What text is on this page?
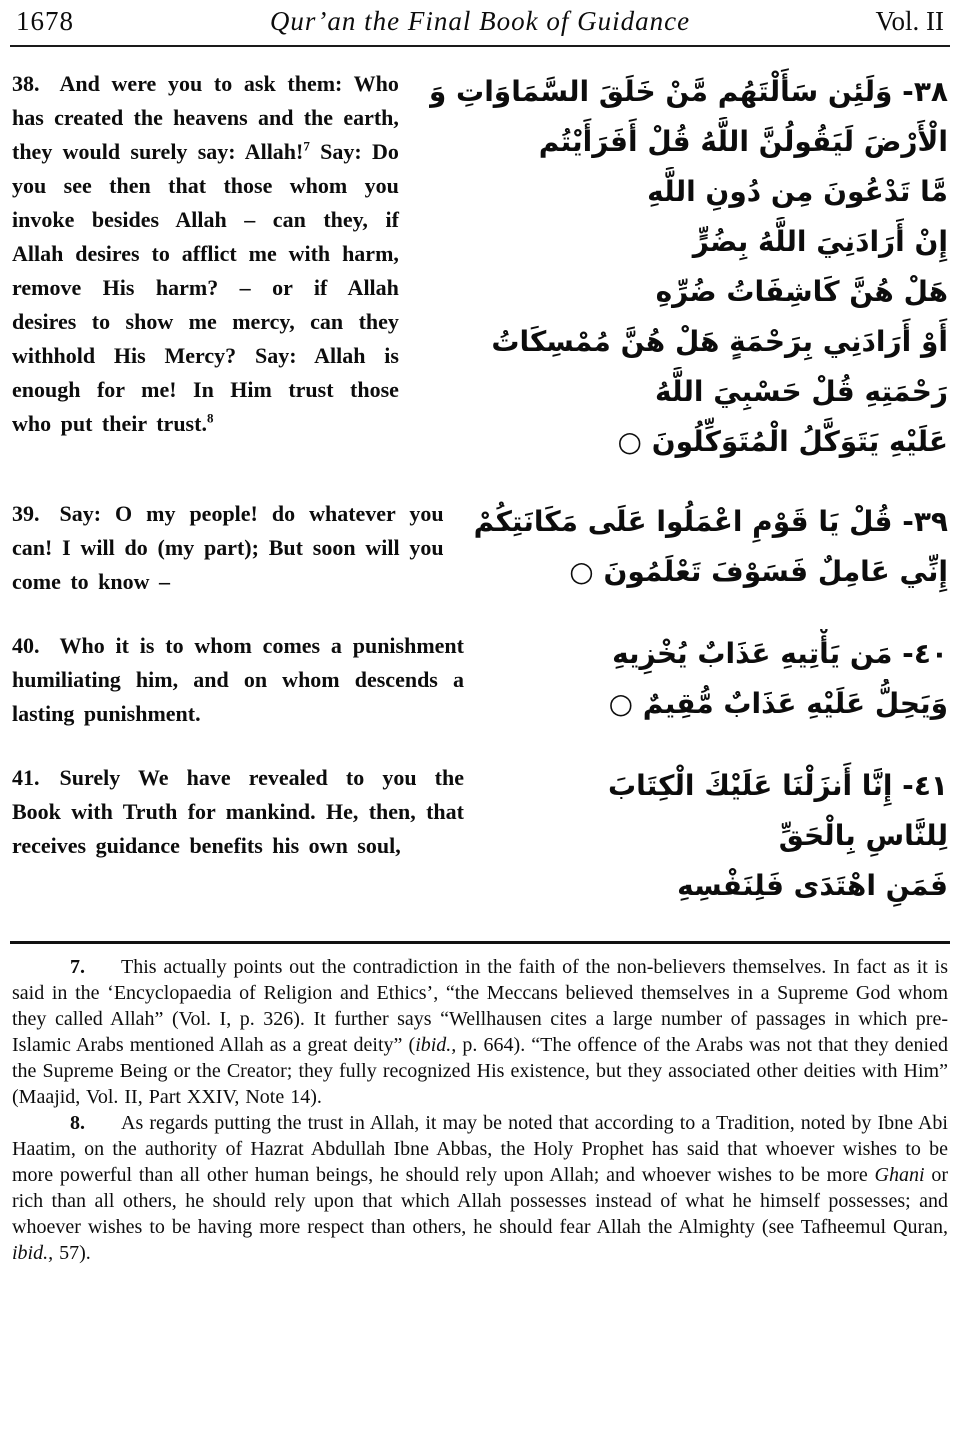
1678	Qur’an the Final Book of Guidance	Vol. II
38. And were you to ask them: Who has created the heavens and the earth, they would surely say: Allah!$^7$ Say: Do you see then that those whom you invoke besides Allah – can they, if Allah desires to afflict me with harm, remove His harm? – or if Allah desires to show me mercy, can they withhold His Mercy? Say: Allah is enough for me! In Him trust those who put their trust.$^8$
٣٨- وَلَئِن سَأَلْتَهُم مَّنْ خَلَقَ السَّمَاوَاتِ وَ
الْأَرْضَ لَيَقُولُنَّ اللَّهُ قُلْ أَفَرَأَيْتُم
مَّا تَدْعُونَ مِن دُونِ اللَّهِ
إِنْ أَرَادَنِيَ اللَّهُ بِضُرٍّ
هَلْ هُنَّ كَاشِفَاتُ ضُرِّهِ
أَوْ أَرَادَنِي بِرَحْمَةٍ هَلْ هُنَّ مُمْسِكَاتُ
رَحْمَتِهِ قُلْ حَسْبِيَ اللَّهُ
عَلَيْهِ يَتَوَكَّلُ الْمُتَوَكِّلُونَ ○
39. Say: O my people! do whatever you can! I will do (my part); But soon will you come to know –
٣٩- قُلْ يَا قَوْمِ اعْمَلُوا عَلَى مَكَانَتِكُمْ
إِنِّي عَامِلٌ فَسَوْفَ تَعْلَمُونَ ○
40. Who it is to whom comes a punishment humiliating him, and on whom descends a lasting punishment.
٤٠- مَن يَأْتِيهِ عَذَابٌ يُخْزِيهِ
وَيَحِلُّ عَلَيْهِ عَذَابٌ مُّقِيمٌ ○
41. Surely We have revealed to you the Book with Truth for mankind. He, then, that receives guidance benefits his own soul,
٤١- إِنَّا أَنزَلْنَا عَلَيْكَ الْكِتَابَ
لِلنَّاسِ بِالْحَقِّ
فَمَنِ اهْتَدَى فَلِنَفْسِهِ

7. This actually points out the contradiction in the faith of the non-believers themselves. In fact as it is said in the ‘Encyclopaedia of Religion and Ethics’, “the Meccans believed themselves in a Supreme God whom they called Allah” (Vol. I, p. 326). It further says “Wellhausen cites a large number of passages in which pre-Islamic Arabs mentioned Allah as a great deity” (ibid., p. 664). “The offence of the Arabs was not that they denied the Supreme Being or the Creator; they fully recognized His existence, but they associated other deities with Him” (Maajid, Vol. II, Part XXIV, Note 14).

8. As regards putting the trust in Allah, it may be noted that according to a Tradition, noted by Ibne Abi Haatim, on the authority of Hazrat Abdullah Ibne Abbas, the Holy Prophet has said that whoever wishes to be more powerful than all other human beings, he should rely upon Allah; and whoever wishes to be more Ghani or rich than all others, he should rely upon that which Allah possesses instead of what he himself possesses; and whoever wishes to be having more respect than others, he should fear Allah the Almighty (see Tafheemul Quran, ibid., 57).
